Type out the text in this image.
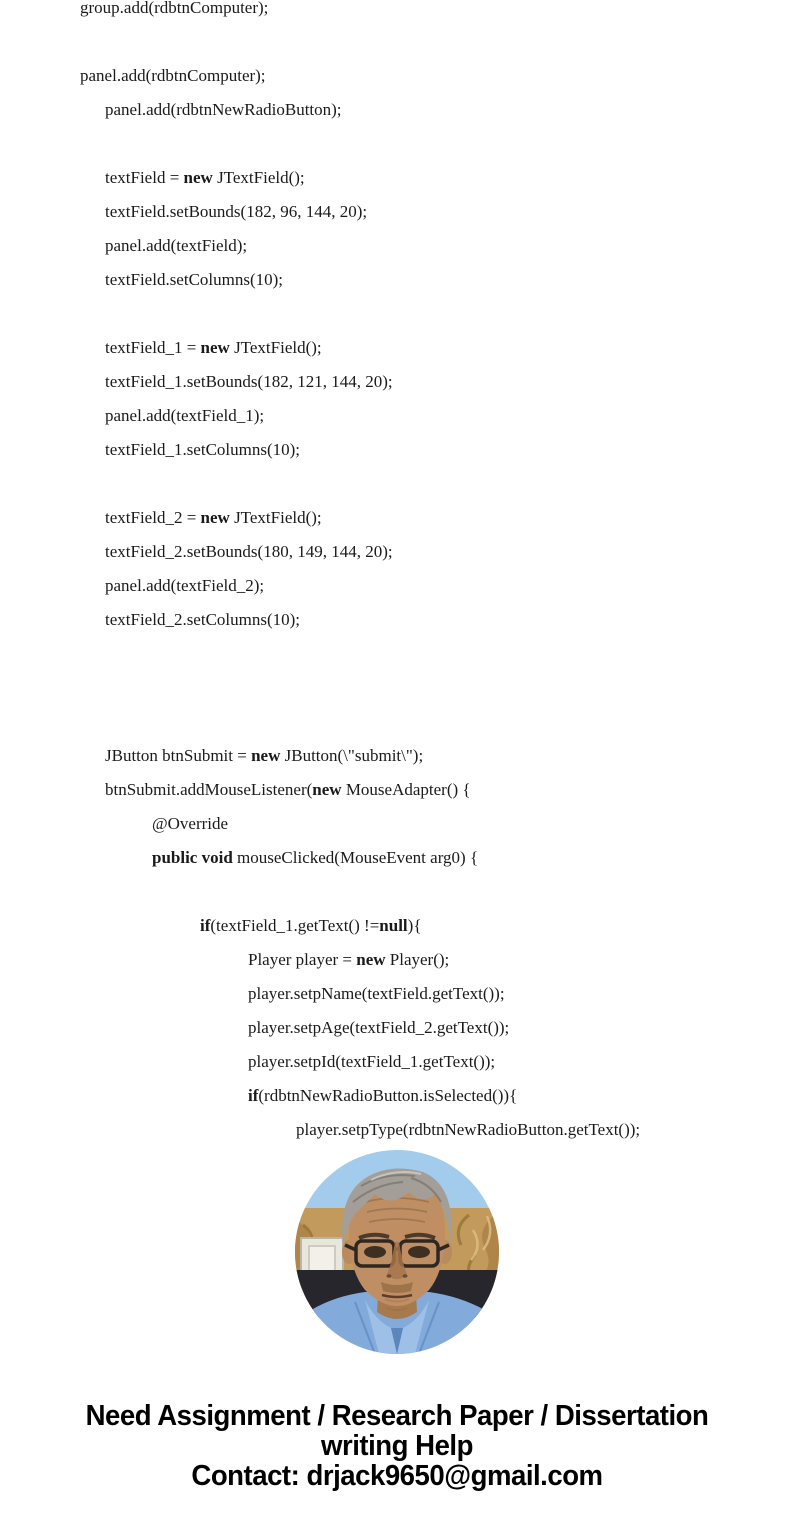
group.add(rdbtnComputer);

panel.add(rdbtnComputer);
panel.add(rdbtnNewRadioButton);

textField = new JTextField();
textField.setBounds(182, 96, 144, 20);
panel.add(textField);
textField.setColumns(10);

textField_1 = new JTextField();
textField_1.setBounds(182, 121, 144, 20);
panel.add(textField_1);
textField_1.setColumns(10);

textField_2 = new JTextField();
textField_2.setBounds(180, 149, 144, 20);
panel.add(textField_2);
textField_2.setColumns(10);

JButton btnSubmit = new JButton(\"submit\");
btnSubmit.addMouseListener(new MouseAdapter() {
@Override
public void mouseClicked(MouseEvent arg0) {

if(textField_1.getText() !=null){
Player player = new Player();
player.setpName(textField.getText());
player.setpAge(textField_2.getText());
player.setpId(textField_1.getText());
if(rdbtnNewRadioButton.isSelected()){
player.setpType(rdbtnNewRadioButton.getText());
Need Assignment / Research Paper / Dissertation
writing Help
Contact: drjack9650@gmail.com
